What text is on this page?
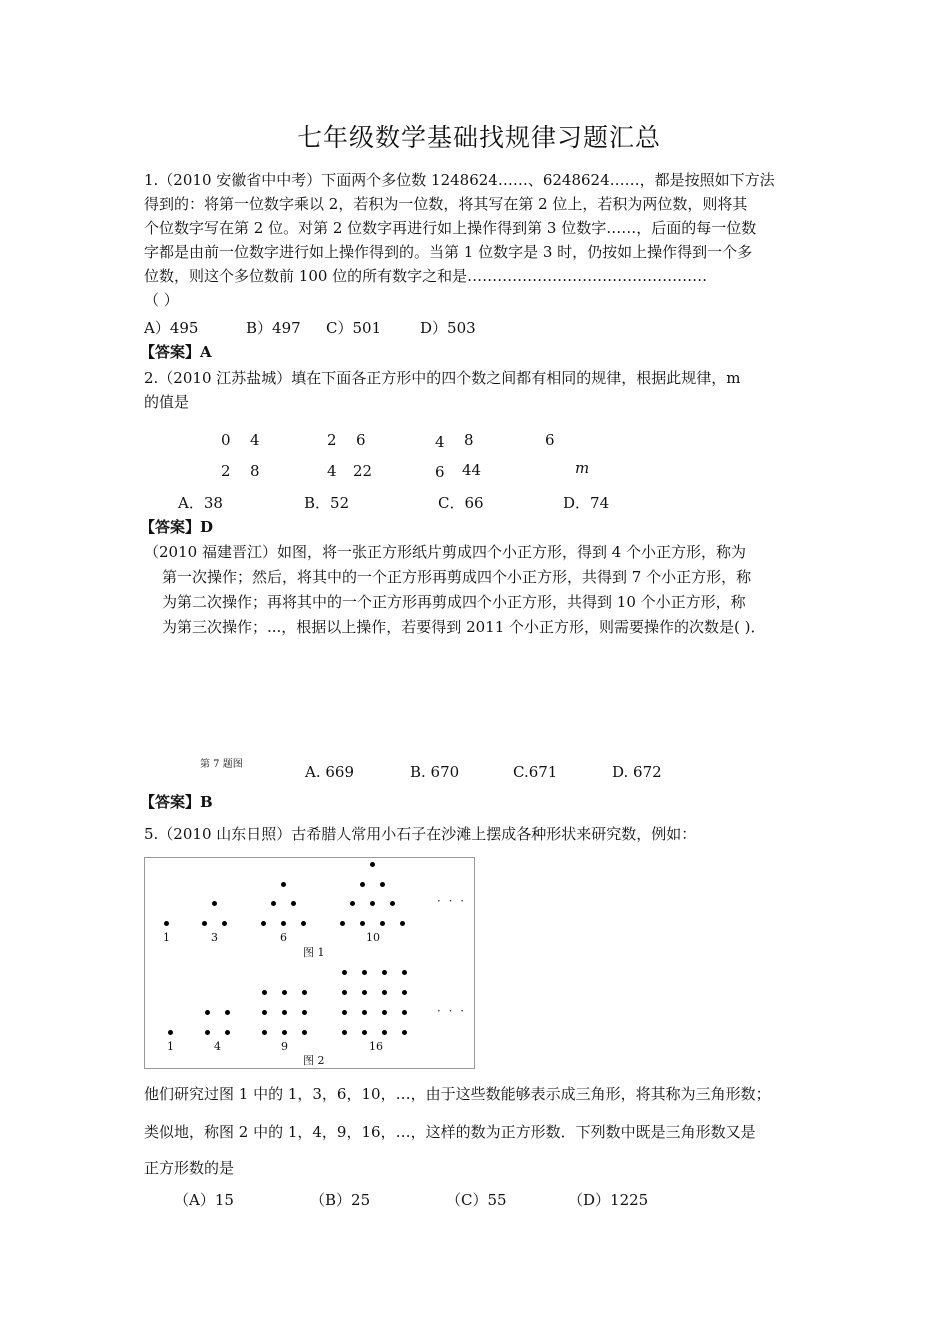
七年级数学基础找规律习题汇总
1.（2010 安徽省中中考）下面两个多位数 1248624……、6248624……，都是按照如下方法
得到的：将第一位数字乘以 2，若积为一位数，将其写在第 2 位上，若积为两位数，则将其
个位数字写在第 2 位。对第 2 位数字再进行如上操作得到第 3 位数字……，后面的每一位数
字都是由前一位数字进行如上操作得到的。当第 1 位数字是 3 时，仍按如上操作得到一个多
位数，则这个多位数前 100 位的所有数字之和是…………………………………………
（ ）
A）495	B）497 C）501	D）503
【答案】A
2.（2010 江苏盐城）填在下面各正方形中的四个数之间都有相同的规律，根据此规律，m
的值是
0 4
2 8
2 6
4 22
4 8
6 44
6
m
A．38	B．52	C．66	D．74
【答案】D
（2010 福建晋江）如图，将一张正方形纸片剪成四个小正方形，得到 4 个小正方形，称为
第一次操作；然后，将其中的一个正方形再剪成四个小正方形，共得到 7 个小正方形，称
为第二次操作；再将其中的一个正方形再剪成四个小正方形，共得到 10 个小正方形，称
为第三次操作；...，根据以上操作，若要得到 2011 个小正方形，则需要操作的次数是( )．
第 7 题图	A. 669	B. 670	C.671	D. 672
【答案】B
5.（2010 山东日照）古希腊人常用小石子在沙滩上摆成各种形状来研究数，例如：
· · ·
1	3	6	10
图 1
· · ·
1	4	9	16
图 2
他们研究过图 1 中的 1，3，6，10，…，由于这些数能够表示成三角形，将其称为三角形数；
类似地，称图 2 中的 1，4，9，16，…，这样的数为正方形数．下列数中既是三角形数又是
正方形数的是
（A）15	（B）25	（C）55	（D）1225
